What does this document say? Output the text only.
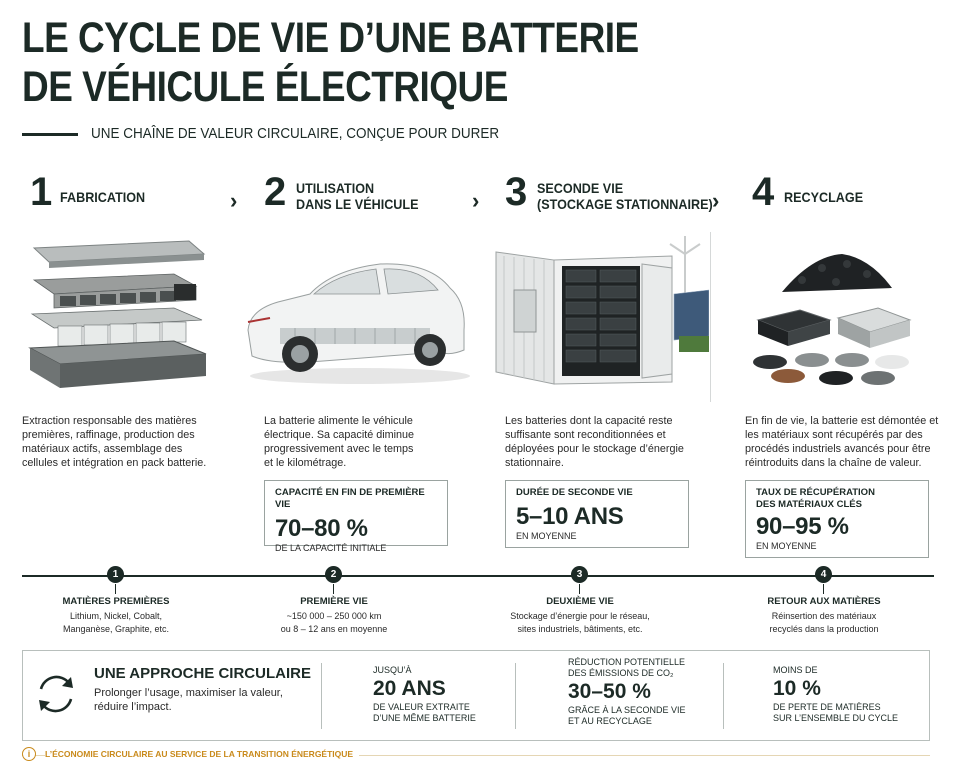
LE CYCLE DE VIE D’UNE BATTERIE
DE VÉHICULE ÉLECTRIQUE
UNE CHAÎNE DE VALEUR CIRCULAIRE, CONÇUE POUR DURER
1 FABRICATION	› 2 UTILISATION
DANS LE VÉHICULE › 3 SECONDE VIE
(STOCKAGE STATIONNAIRE) › 4 RECYCLAGE
Extraction responsable des matières premières, raffinage, production des matériaux actifs, assemblage des cellules et intégration en pack batterie.
La batterie alimente le véhicule électrique. Sa capacité diminue progressivement avec le temps et le kilométrage.
Les batteries dont la capacité reste suffisante sont reconditionnées et déployées pour le stockage d’énergie stationnaire.
En fin de vie, la batterie est démontée et les matériaux sont récupérés par des procédés industriels avancés pour être réintroduits dans la chaîne de valeur.
CAPACITÉ EN FIN DE PREMIÈRE VIE
70–80 %
DE LA CAPACITÉ INITIALE
DURÉE DE SECONDE VIE
5–10 ANS
EN MOYENNE
TAUX DE RÉCUPÉRATION
DES MATÉRIAUX CLÉS
90–95 %
EN MOYENNE
1
MATIÈRES PREMIÈRES
Lithium, Nickel, Cobalt,
Manganèse, Graphite, etc.
2
PREMIÈRE VIE
~150 000 – 250 000 km
ou 8 – 12 ans en moyenne
3
DEUXIÈME VIE
Stockage d’énergie pour le réseau,
sites industriels, bâtiments, etc.
4
RETOUR AUX MATIÈRES
Réinsertion des matériaux
recyclés dans la production
UNE APPROCHE CIRCULAIRE
Prolonger l’usage, maximiser la valeur, réduire l’impact.
JUSQU’À
20 ANS
DE VALEUR EXTRAITE
D’UNE MÊME BATTERIE
RÉDUCTION POTENTIELLE
DES ÉMISSIONS DE CO₂
30–50 %
GRÂCE À LA SECONDE VIE
ET AU RECYCLAGE
MOINS DE
10 %
DE PERTE DE MATIÈRES
SUR L’ENSEMBLE DU CYCLE
i	L’ÉCONOMIE CIRCULAIRE AU SERVICE DE LA TRANSITION ÉNERGÉTIQUE
